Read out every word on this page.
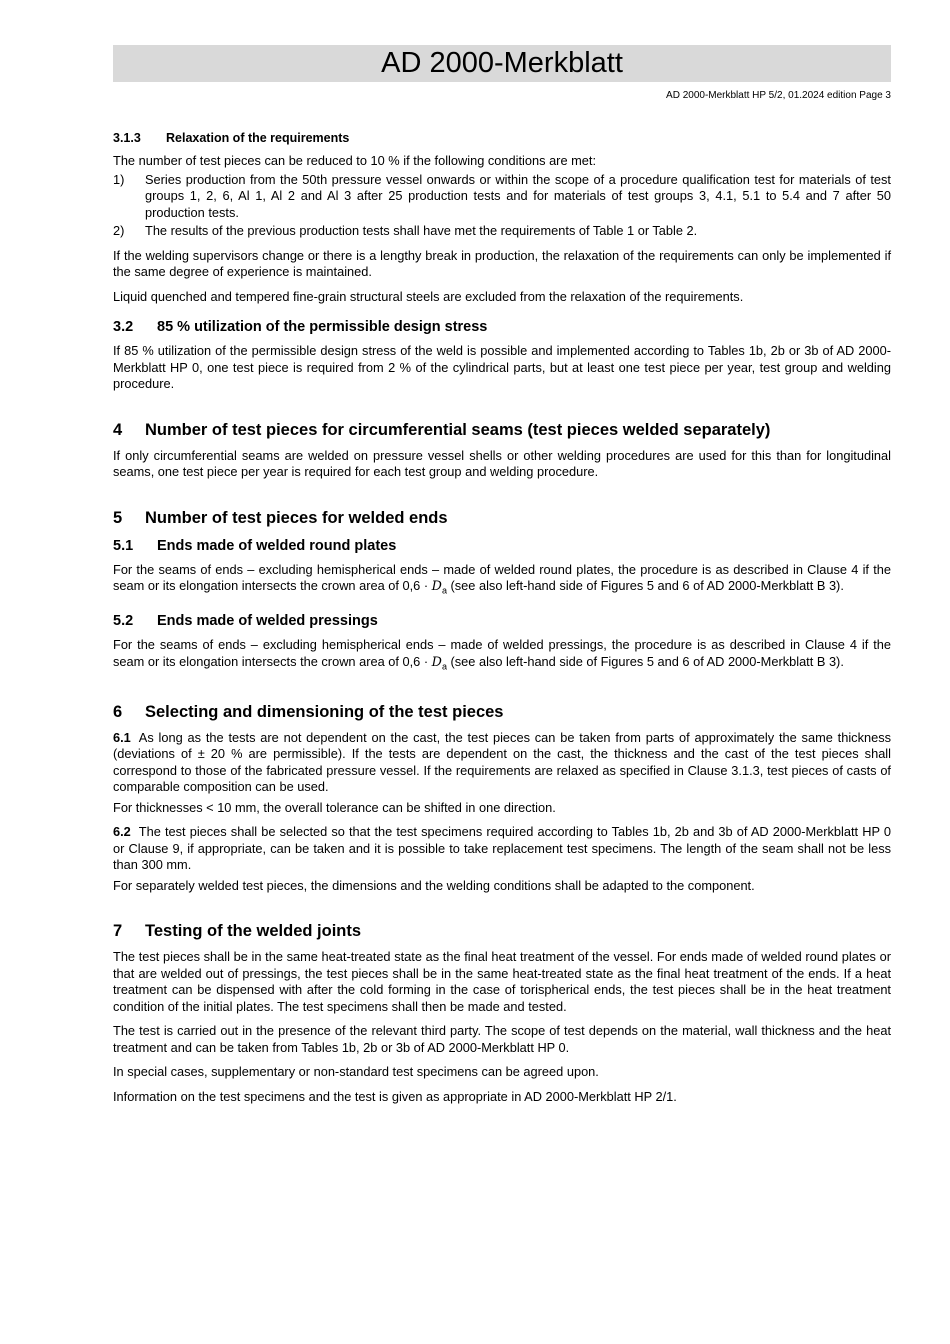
AD 2000-Merkblatt
AD 2000-Merkblatt HP 5/2, 01.2024 edition Page 3
3.1.3 Relaxation of the requirements

The number of test pieces can be reduced to 10 % if the following conditions are met:

1)	Series production from the 50th pressure vessel onwards or within the scope of a procedure qualification test for materials of test groups 1, 2, 6, Al 1, Al 2 and Al 3 after 25 production tests and for materials of test groups 3, 4.1, 5.1 to 5.4 and 7 after 50 production tests.
2)	The results of the previous production tests shall have met the requirements of Table 1 or Table 2.

If the welding supervisors change or there is a lengthy break in production, the relaxation of the requirements can only be implemented if the same degree of experience is maintained.

Liquid quenched and tempered fine-grain structural steels are excluded from the relaxation of the requirements.

3.2 85 % utilization of the permissible design stress

If 85 % utilization of the permissible design stress of the weld is possible and implemented according to Tables 1b, 2b or 3b of AD 2000-Merkblatt HP 0, one test piece is required from 2 % of the cylindrical parts, but at least one test piece per year, test group and welding procedure.

4 Number of test pieces for circumferential seams (test pieces welded separately)

If only circumferential seams are welded on pressure vessel shells or other welding procedures are used for this than for longitudinal seams, one test piece per year is required for each test group and welding procedure.

5 Number of test pieces for welded ends
5.1 Ends made of welded round plates

For the seams of ends – excluding hemispherical ends – made of welded round plates, the procedure is as described in Clause 4 if the seam or its elongation intersects the crown area of $0,6 \cdot D_a$ (see also left-hand side of Figures 5 and 6 of AD 2000-Merkblatt B 3).

5.2 Ends made of welded pressings

For the seams of ends – excluding hemispherical ends – made of welded pressings, the procedure is as described in Clause 4 if the seam or its elongation intersects the crown area of $0,6 \cdot D_a$ (see also left-hand side of Figures 5 and 6 of AD 2000-Merkblatt B 3).

6 Selecting and dimensioning of the test pieces

6.1 As long as the tests are not dependent on the cast, the test pieces can be taken from parts of approximately the same thickness (deviations of ± 20 % are permissible). If the tests are dependent on the cast, the thickness and the cast of the test pieces shall correspond to those of the fabricated pressure vessel. If the requirements are relaxed as specified in Clause 3.1.3, test pieces of casts of comparable composition can be used.

For thicknesses < 10 mm, the overall tolerance can be shifted in one direction.

6.2 The test pieces shall be selected so that the test specimens required according to Tables 1b, 2b and 3b of AD 2000-Merkblatt HP 0 or Clause 9, if appropriate, can be taken and it is possible to take replacement test specimens. The length of the seam shall not be less than 300 mm.

For separately welded test pieces, the dimensions and the welding conditions shall be adapted to the component.

7 Testing of the welded joints

The test pieces shall be in the same heat-treated state as the final heat treatment of the vessel. For ends made of welded round plates or that are welded out of pressings, the test pieces shall be in the same heat-treated state as the final heat treatment of the ends. If a heat treatment can be dispensed with after the cold forming in the case of torispherical ends, the test pieces shall be in the heat treatment condition of the initial plates. The test specimens shall then be made and tested.

The test is carried out in the presence of the relevant third party. The scope of test depends on the material, wall thickness and the heat treatment and can be taken from Tables 1b, 2b or 3b of AD 2000-Merkblatt HP 0.

In special cases, supplementary or non-standard test specimens can be agreed upon.

Information on the test specimens and the test is given as appropriate in AD 2000-Merkblatt HP 2/1.
